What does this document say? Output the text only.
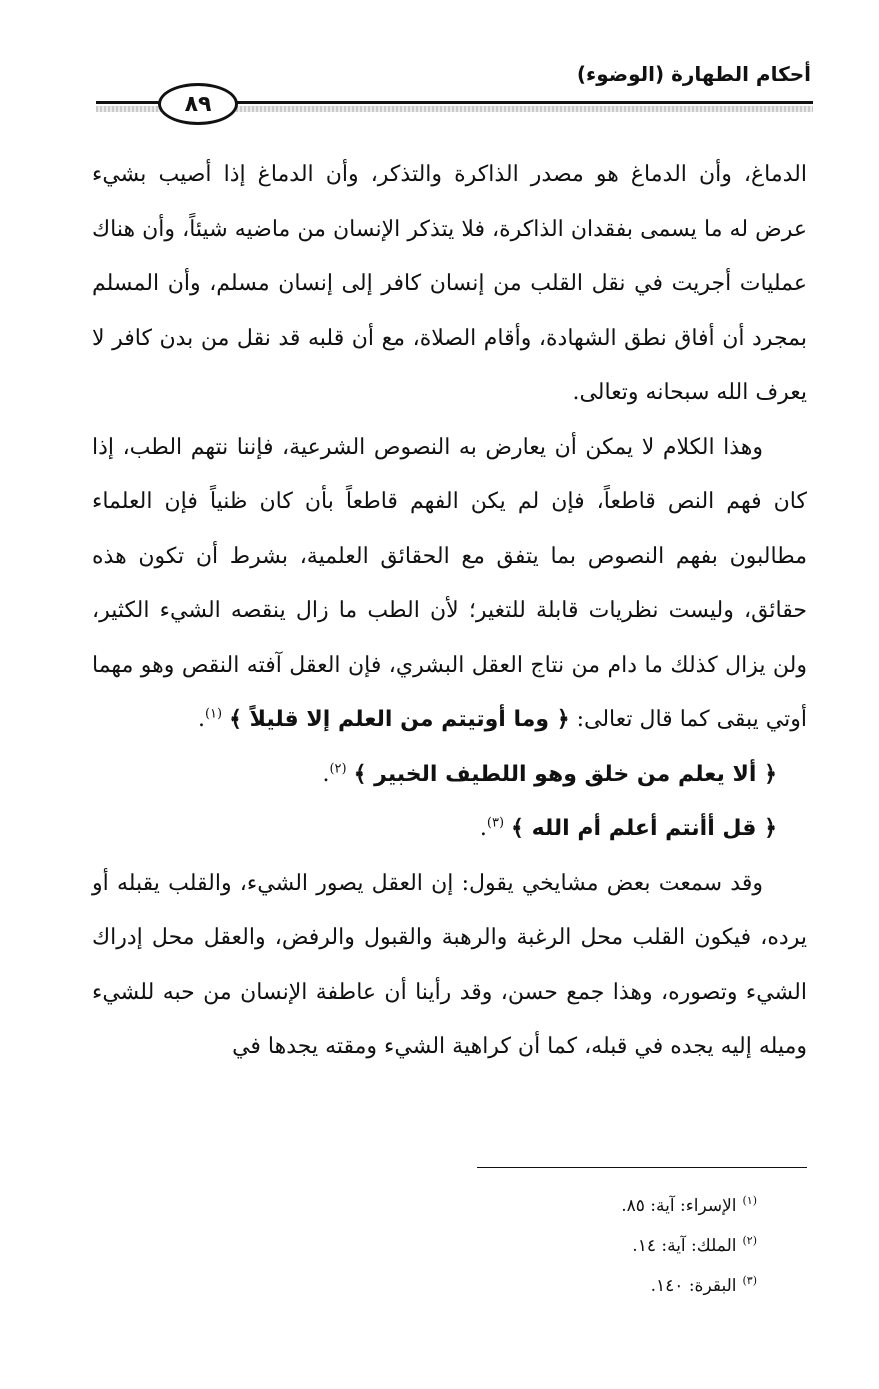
أحكام الطهارة (الوضوء)
٨٩

الدماغ، وأن الدماغ هو مصدر الذاكرة والتذكر، وأن الدماغ إذا أصيب بشيء عرض له ما يسمى بفقدان الذاكرة، فلا يتذكر الإنسان من ماضيه شيئاً، وأن هناك عمليات أجريت في نقل القلب من إنسان كافر إلى إنسان مسلم، وأن المسلم بمجرد أن أفاق نطق الشهادة، وأقام الصلاة، مع أن قلبه قد نقل من بدن كافر لا يعرف الله سبحانه وتعالى.

وهذا الكلام لا يمكن أن يعارض به النصوص الشرعية، فإننا نتهم الطب، إذا كان فهم النص قاطعاً، فإن لم يكن الفهم قاطعاً بأن كان ظنياً فإن العلماء مطالبون بفهم النصوص بما يتفق مع الحقائق العلمية، بشرط أن تكون هذه حقائق، وليست نظريات قابلة للتغير؛ لأن الطب ما زال ينقصه الشيء الكثير، ولن يزال كذلك ما دام من نتاج العقل البشري، فإن العقل آفته النقص وهو مهما أوتي يبقى كما قال تعالى: ﴿ وما أوتيتم من العلم إلا قليلاً ﴾ $^{(١)}$.

﴿ ألا يعلم من خلق وهو اللطيف الخبير ﴾ $^{(٢)}$.

﴿ قل أأنتم أعلم أم الله ﴾ $^{(٣)}$.

وقد سمعت بعض مشايخي يقول: إن العقل يصور الشيء، والقلب يقبله أو يرده، فيكون القلب محل الرغبة والرهبة والقبول والرفض، والعقل محل إدراك الشيء وتصوره، وهذا جمع حسن، وقد رأينا أن عاطفة الإنسان من حبه للشيء وميله إليه يجده في قبله، كما أن كراهية الشيء ومقته يجدها في

$^{(١)}$الإسراء: آية: ٨٥.
$^{(٢)}$الملك: آية: ١٤.
$^{(٣)}$البقرة: ١٤٠.
